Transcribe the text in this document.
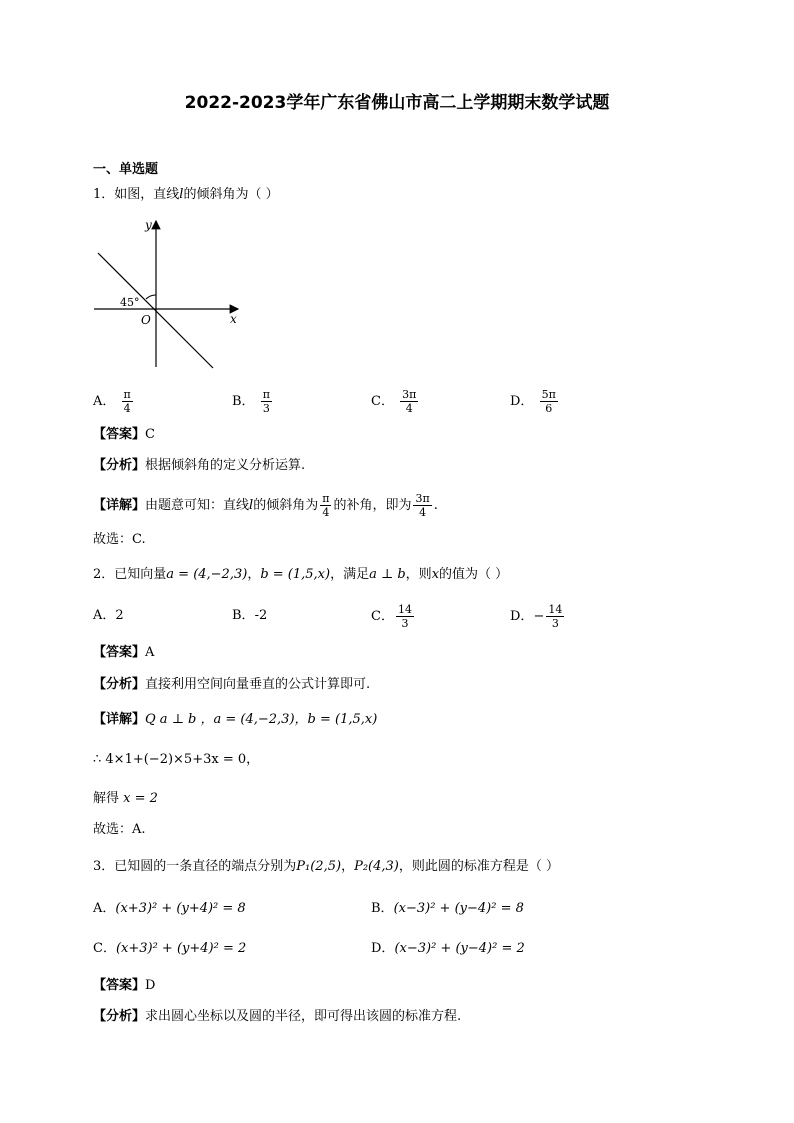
2022-2023学年广东省佛山市高二上学期期末数学试题
一、单选题
1．如图，直线l的倾斜角为（ ）
y
x
O
45°
A． $\frac{\pi}{4}$	B． $\frac{\pi}{3}$	C． $\frac{3\pi}{4}$	D． $\frac{5\pi}{6}$
【答案】C
【分析】根据倾斜角的定义分析运算.
【详解】由题意可知：直线l的倾斜角为 $\frac{\pi}{4}$ 的补角，即为 $\frac{3\pi}{4}$ .
故选：C.
2．已知向量a = (4,−2,3)，b = (1,5,x)，满足a ⊥ b，则x的值为（ ）
A．2	B．-2	C． $\frac{14}{3}$	D．− $\frac{14}{3}$
【答案】A
【分析】直接利用空间向量垂直的公式计算即可.
【详解】Q a ⊥ b ，a = (4,−2,3)，b = (1,5,x)
∴ 4×1+(−2)×5+3x = 0，
解得 x = 2
故选：A.
3．已知圆的一条直径的端点分别为P₁(2,5)，P₂(4,3)，则此圆的标准方程是（ ）
A．(x+3)² + (y+4)² = 8	B．(x−3)² + (y−4)² = 8
C．(x+3)² + (y+4)² = 2	D．(x−3)² + (y−4)² = 2
【答案】D
【分析】求出圆心坐标以及圆的半径，即可得出该圆的标准方程.
